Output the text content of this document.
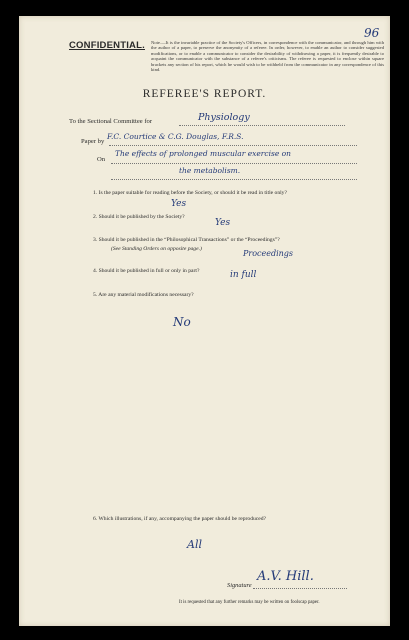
96
CONFIDENTIAL. Note.—It is the invariable practice of the Society's Officers, in correspondence with the communicator, and through him with the author of a paper, to preserve the anonymity of a referee. In order, however, to enable an author to consider suggested modifications, or to enable a communicator to consider the desirability of withdrawing a paper, it is frequently desirable to acquaint the communicator with the substance of a referee's criticisms. The referee is requested to enclose within square brackets any section of his report, which he would wish to be withheld from the communicator in any correspondence of this kind.
REFEREE'S REPORT.
To the Sectional Committee for	Physiology
Paper by
F.C. Courtice & C.G. Douglas, F.R.S.
On
The effects of prolonged muscular exercise on
the metabolism.
1. Is the paper suitable for reading before the Society, or should it be read in title only?
Yes
2. Should it be published by the Society?
Yes
3. Should it be published in the “Philosophical Transactions” or the “Proceedings”?
(See Standing Orders on opposite page.)	Proceedings
4. Should it be published in full or only in part?	in full
5. Are any material modifications necessary?
No
6. Which illustrations, if any, accompanying the paper should be reproduced?
All
Signature
A.V. Hill.
It is requested that any further remarks may be written on foolscap paper.
